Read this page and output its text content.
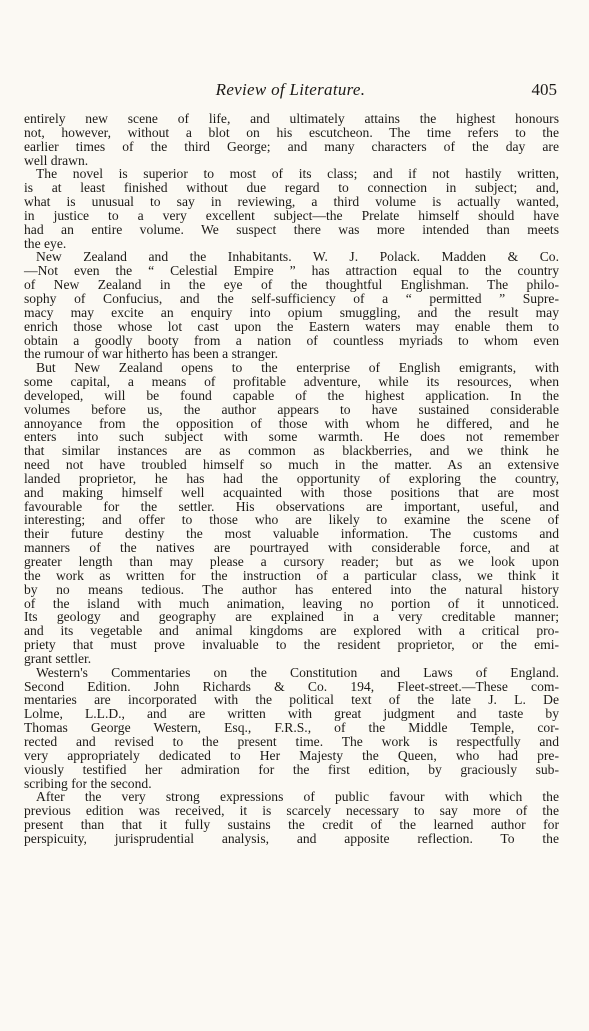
Review of Literature.	405
entirely new scene of life, and ultimately attains the highest honours
not, however, without a blot on his escutcheon. The time refers to the
earlier times of the third George; and many characters of the day are
well drawn.
The novel is superior to most of its class; and if not hastily written,
is at least finished without due regard to connection in subject; and,
what is unusual to say in reviewing, a third volume is actually wanted,
in justice to a very excellent subject—the Prelate himself should have
had an entire volume. We suspect there was more intended than meets
the eye.
New Zealand and the Inhabitants. W. J. Polack. Madden & Co.
—Not even the “ Celestial Empire ” has attraction equal to the country
of New Zealand in the eye of the thoughtful Englishman. The philo-
sophy of Confucius, and the self-sufficiency of a “ permitted ” Supre-
macy may excite an enquiry into opium smuggling, and the result may
enrich those whose lot cast upon the Eastern waters may enable them to
obtain a goodly booty from a nation of countless myriads to whom even
the rumour of war hitherto has been a stranger.
But New Zealand opens to the enterprise of English emigrants, with
some capital, a means of profitable adventure, while its resources, when
developed, will be found capable of the highest application. In the
volumes before us, the author appears to have sustained considerable
annoyance from the opposition of those with whom he differed, and he
enters into such subject with some warmth. He does not remember
that similar instances are as common as blackberries, and we think he
need not have troubled himself so much in the matter. As an extensive
landed proprietor, he has had the opportunity of exploring the country,
and making himself well acquainted with those positions that are most
favourable for the settler. His observations are important, useful, and
interesting; and offer to those who are likely to examine the scene of
their future destiny the most valuable information. The customs and
manners of the natives are pourtrayed with considerable force, and at
greater length than may please a cursory reader; but as we look upon
the work as written for the instruction of a particular class, we think it
by no means tedious. The author has entered into the natural history
of the island with much animation, leaving no portion of it unnoticed.
Its geology and geography are explained in a very creditable manner;
and its vegetable and animal kingdoms are explored with a critical pro-
priety that must prove invaluable to the resident proprietor, or the emi-
grant settler.
Western's Commentaries on the Constitution and Laws of England.
Second Edition. John Richards & Co. 194, Fleet-street.—These com-
mentaries are incorporated with the political text of the late J. L. De
Lolme, L.L.D., and are written with great judgment and taste by
Thomas George Western, Esq., F.R.S., of the Middle Temple, cor-
rected and revised to the present time. The work is respectfully and
very appropriately dedicated to Her Majesty the Queen, who had pre-
viously testified her admiration for the first edition, by graciously sub-
scribing for the second.
After the very strong expressions of public favour with which the
previous edition was received, it is scarcely necessary to say more of the
present than that it fully sustains the credit of the learned author for
perspicuity, jurisprudential analysis, and apposite reflection. To the
